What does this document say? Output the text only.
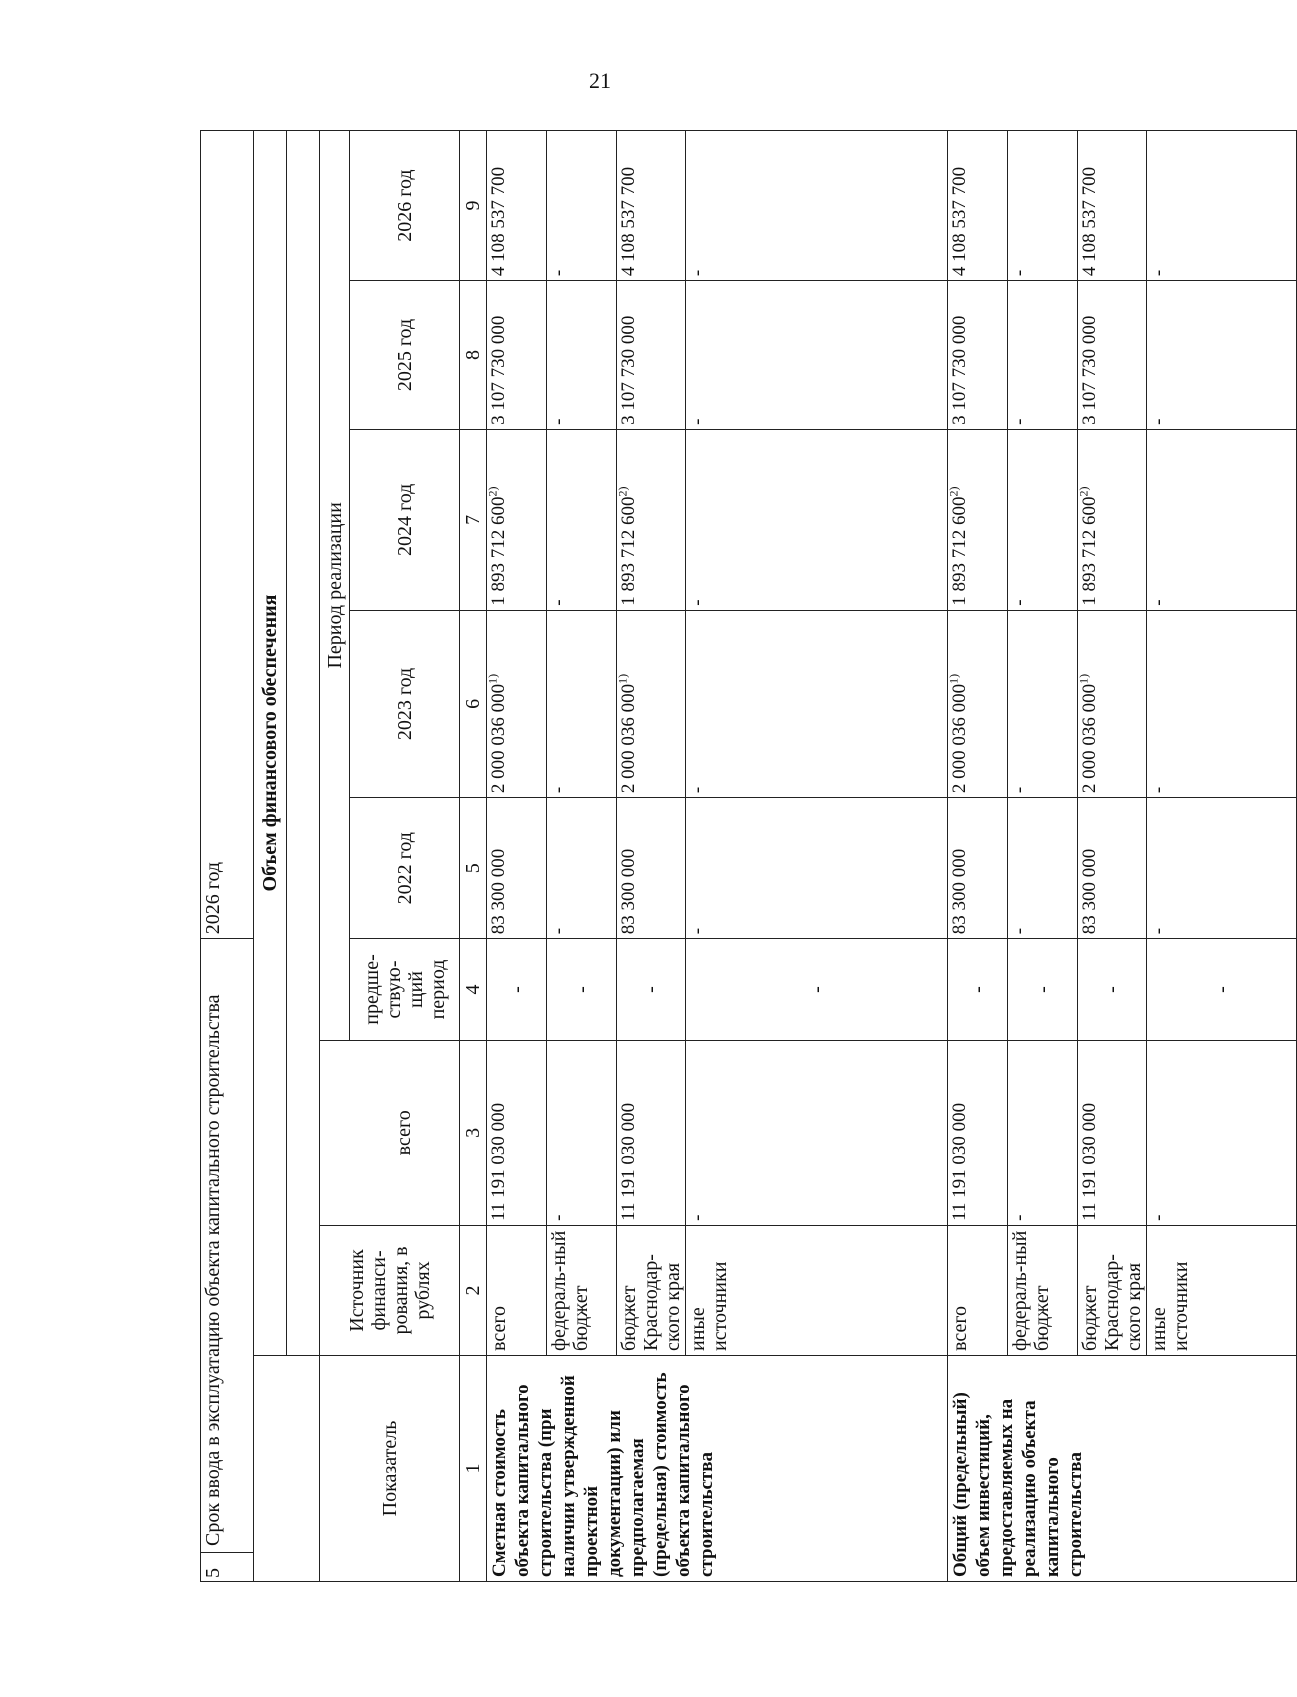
21
5
Срок ввода в эксплуатацию объекта капитального строительства				2026 год				
	Объем финансового обеспечения							

Показатель	Источник финанси-рования, в рублях		Период реализации					
		всего	предше-ствую-щий период	2022 год	2023 год	2024 год	2025 год	2026 год
1	2	3	4	5	6	7	8	9
Сметная стоимость объекта капитального строительства (при наличии утвержденной проектной документации) или предполагаемая (предельная) стоимость объекта капитального строительства	всего	11 191 030 000	-	83 300 000	2 000 036 000$^{1)}$	1 893 712 600$^{2)}$	3 107 730 000	4 108 537 700
	федераль-ный бюджет	-	-	-	-	-	-	-
	бюджет Краснодар-ского края	11 191 030 000	-	83 300 000	2 000 036 000$^{1)}$	1 893 712 600$^{2)}$	3 107 730 000	4 108 537 700
	иные источники	-	-	-	-	-	-	-
Общий (предельный) объем инвестиций, предоставляемых на реализацию объекта капитального строительства	всего	11 191 030 000	-	83 300 000	2 000 036 000$^{1)}$	1 893 712 600$^{2)}$	3 107 730 000	4 108 537 700
	федераль-ный бюджет	-	-	-	-	-	-	-
	бюджет Краснодар-ского края	11 191 030 000	-	83 300 000	2 000 036 000$^{1)}$	1 893 712 600$^{2)}$	3 107 730 000	4 108 537 700
	иные источники	-	-	-	-	-	-	-
